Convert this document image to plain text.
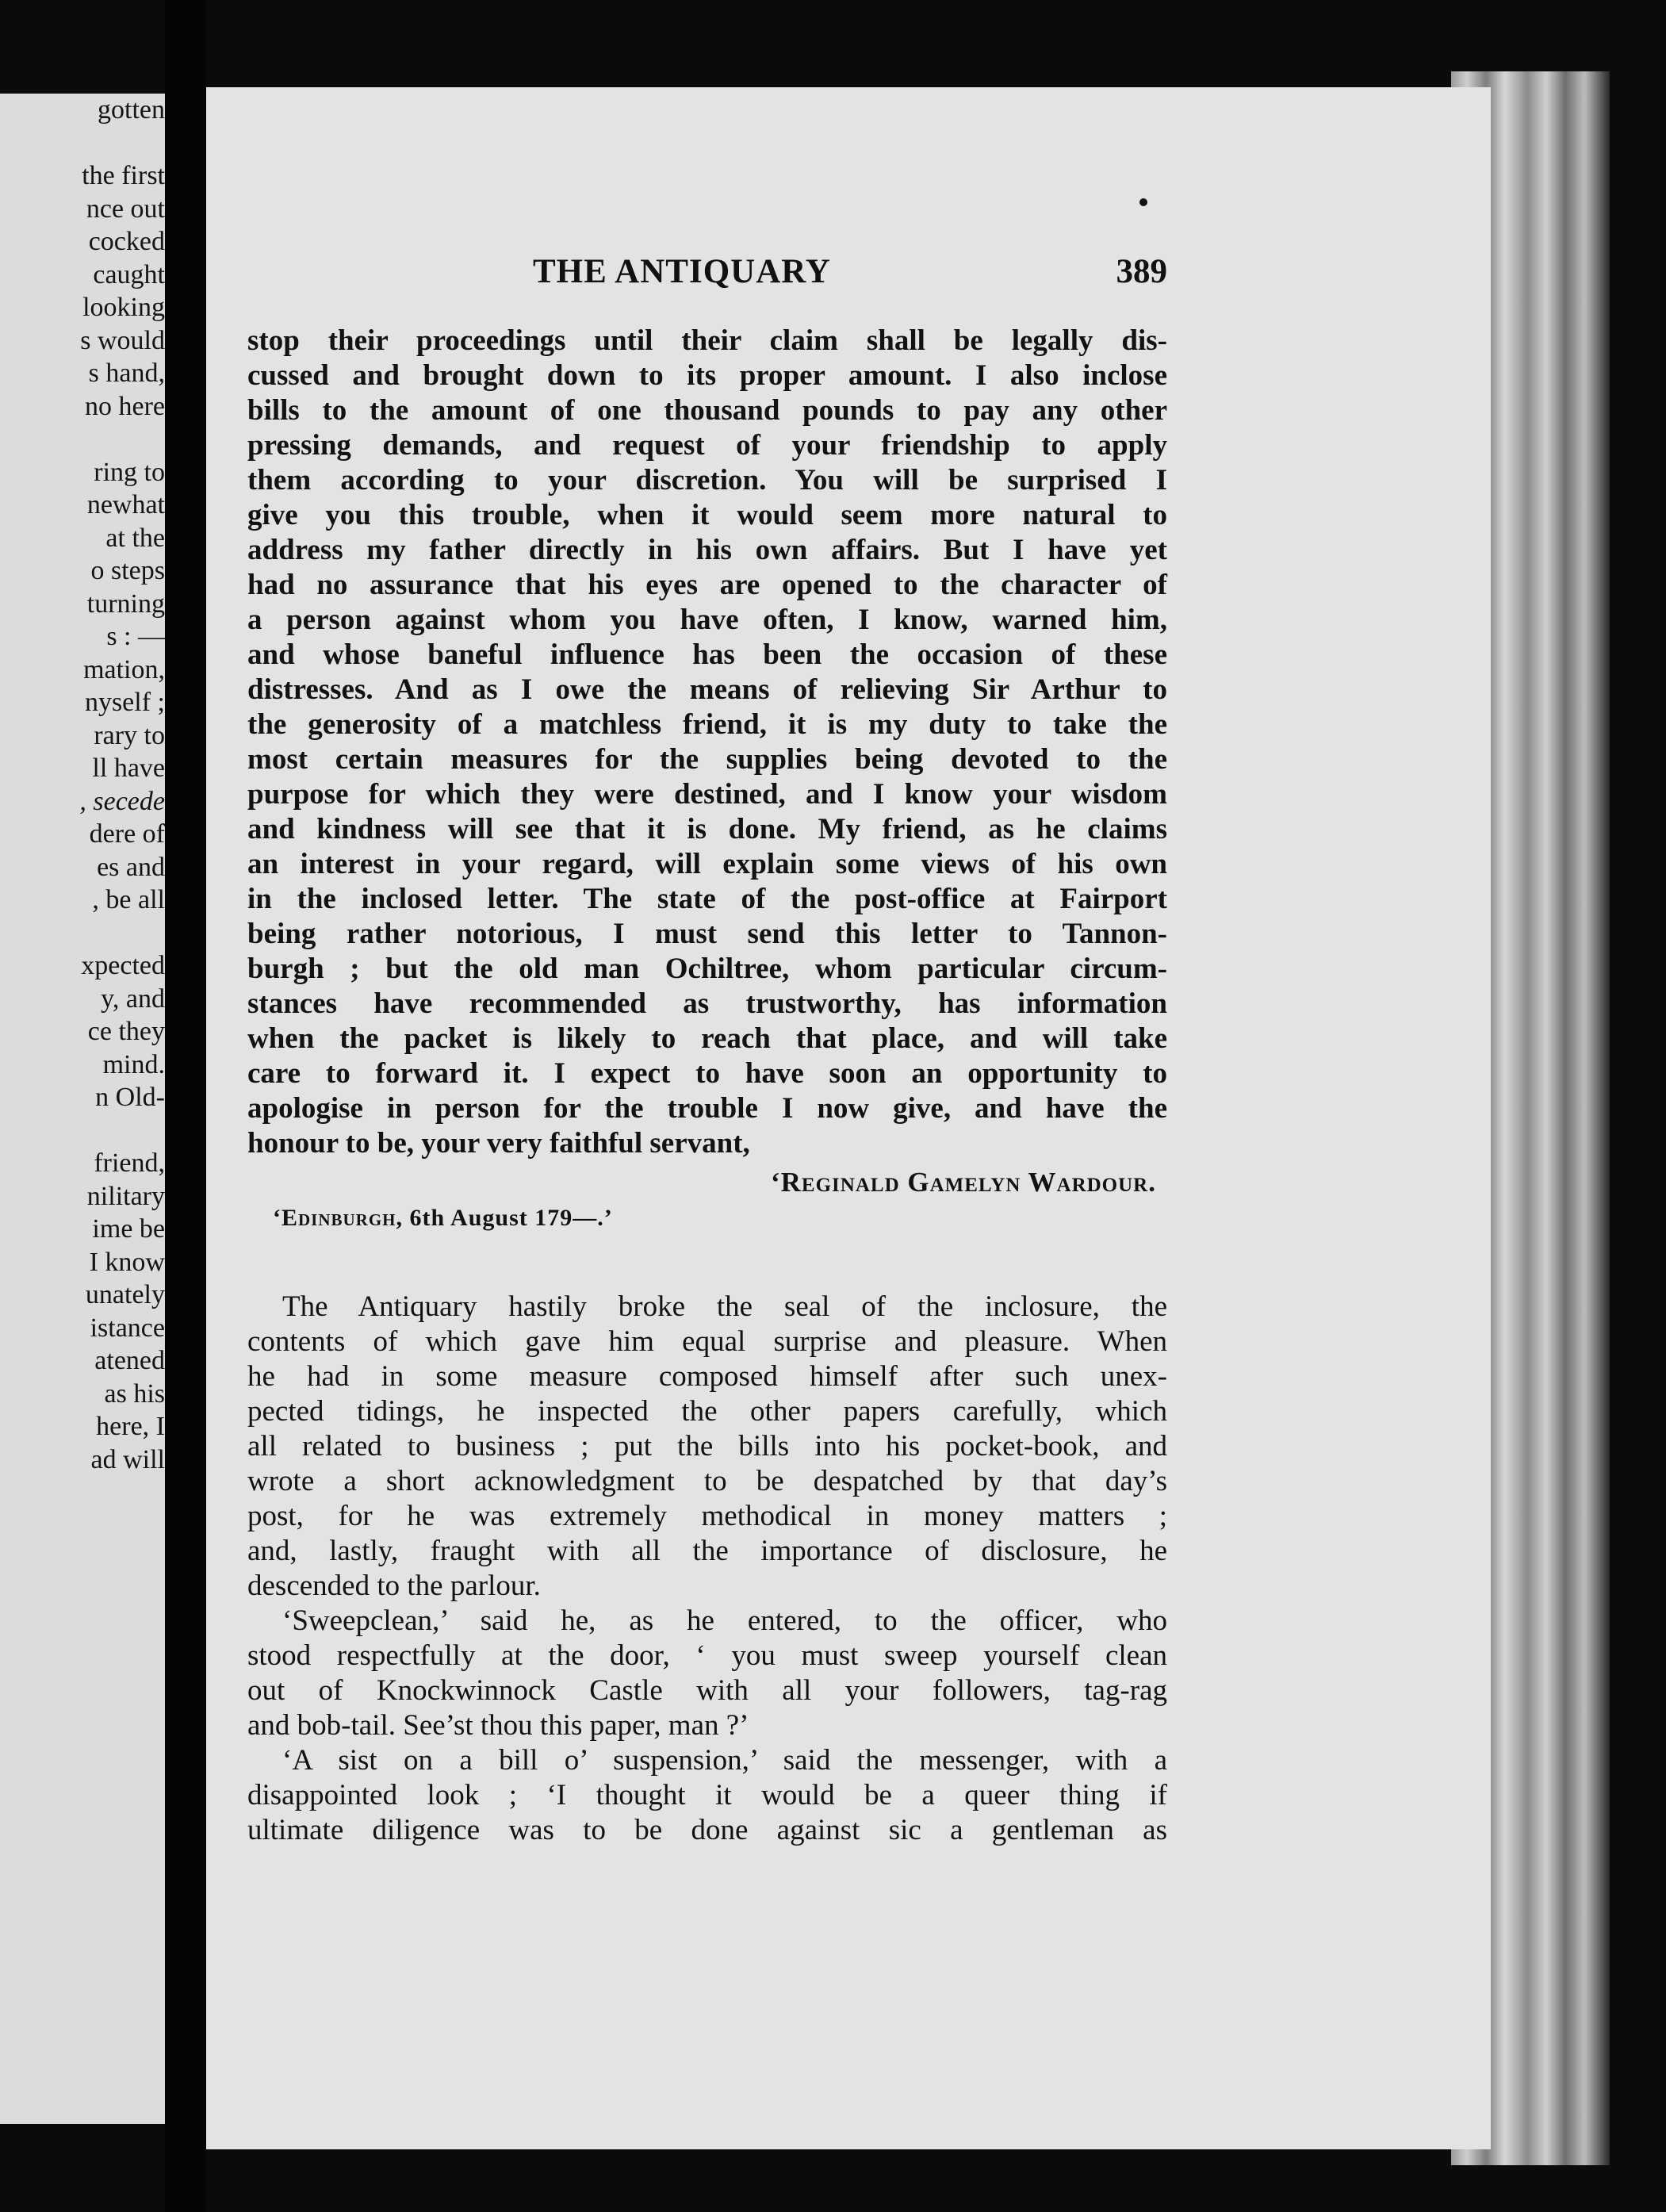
gotten
the first
nce out
cocked
caught
looking
s would
s hand,
no here
ring to
newhat
at the
o steps
turning
s : —
mation,
nyself ;
rary to
ll have
, secede
dere of
es and
, be all
xpected
y, and
ce they
mind.
n Old-
friend,
nilitary
ime be
I know
unately
istance
atened
as his
here, I
ad will
THE ANTIQUARY	389
stop their proceedings until their claim shall be legally dis-
cussed and brought down to its proper amount. I also inclose
bills to the amount of one thousand pounds to pay any other
pressing demands, and request of your friendship to apply
them according to your discretion. You will be surprised I
give you this trouble, when it would seem more natural to
address my father directly in his own affairs. But I have yet
had no assurance that his eyes are opened to the character of
a person against whom you have often, I know, warned him,
and whose baneful influence has been the occasion of these
distresses. And as I owe the means of relieving Sir Arthur to
the generosity of a matchless friend, it is my duty to take the
most certain measures for the supplies being devoted to the
purpose for which they were destined, and I know your wisdom
and kindness will see that it is done. My friend, as he claims
an interest in your regard, will explain some views of his own
in the inclosed letter. The state of the post-office at Fairport
being rather notorious, I must send this letter to Tannon-
burgh ; but the old man Ochiltree, whom particular circum-
stances have recommended as trustworthy, has information
when the packet is likely to reach that place, and will take
care to forward it. I expect to have soon an opportunity to
apologise in person for the trouble I now give, and have the
honour to be, your very faithful servant,
‘Reginald Gamelyn Wardour.
‘Edinburgh, 6th August 179—.’
The Antiquary hastily broke the seal of the inclosure, the
contents of which gave him equal surprise and pleasure. When
he had in some measure composed himself after such unex-
pected tidings, he inspected the other papers carefully, which
all related to business ; put the bills into his pocket-book, and
wrote a short acknowledgment to be despatched by that day’s
post, for he was extremely methodical in money matters ;
and, lastly, fraught with all the importance of disclosure, he
descended to the parlour.
‘Sweepclean,’ said he, as he entered, to the officer, who
stood respectfully at the door, ‘ you must sweep yourself clean
out of Knockwinnock Castle with all your followers, tag-rag
and bob-tail. See’st thou this paper, man ?’
‘A sist on a bill o’ suspension,’ said the messenger, with a
disappointed look ; ‘I thought it would be a queer thing if
ultimate diligence was to be done against sic a gentleman as
